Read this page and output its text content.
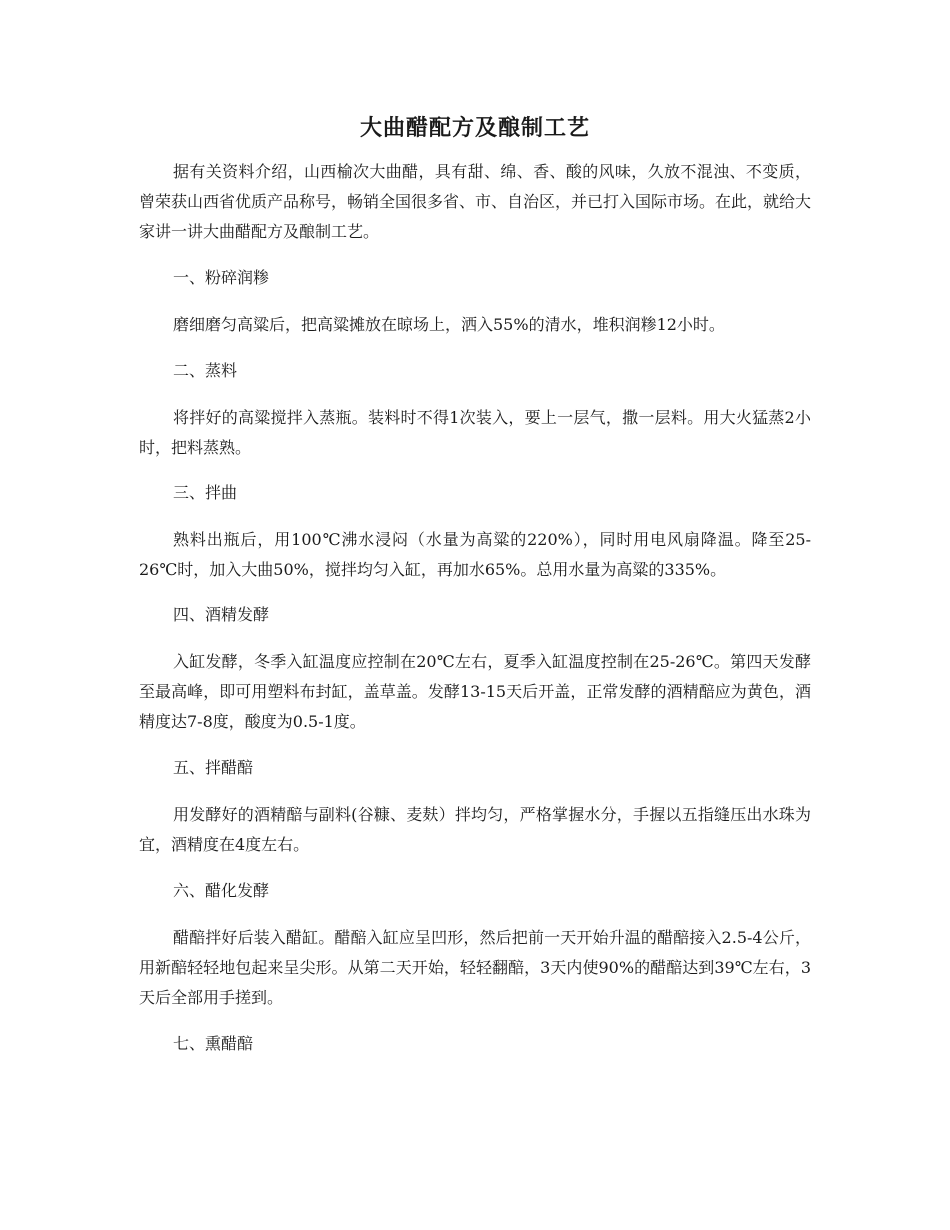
大曲醋配方及酿制工艺

据有关资料介绍，山西榆次大曲醋，具有甜、绵、香、酸的风味，久放不混浊、不变质，曾荣获山西省优质产品称号，畅销全国很多省、市、自治区，并已打入国际市场。在此，就给大家讲一讲大曲醋配方及酿制工艺。

一、粉碎润糁

磨细磨匀高粱后，把高粱摊放在晾场上，洒入55%的清水，堆积润糁12小时。

二、蒸料

将拌好的高粱搅拌入蒸瓶。装料时不得1次装入，要上一层气，撒一层料。用大火猛蒸2小时，把料蒸熟。

三、拌曲

熟料出瓶后，用100℃沸水浸闷（水量为高粱的220%），同时用电风扇降温。降至25-26℃时，加入大曲50%，搅拌均匀入缸，再加水65%。总用水量为高粱的335%。

四、酒精发酵

入缸发酵，冬季入缸温度应控制在20℃左右，夏季入缸温度控制在25-26℃。第四天发酵至最高峰，即可用塑料布封缸，盖草盖。发酵13-15天后开盖，正常发酵的酒精醅应为黄色，酒精度达7-8度，酸度为0.5-1度。

五、拌醋醅

用发酵好的酒精醅与副料(谷糠、麦麸）拌均匀，严格掌握水分，手握以五指缝压出水珠为宜，酒精度在4度左右。

六、醋化发酵

醋醅拌好后装入醋缸。醋醅入缸应呈凹形，然后把前一天开始升温的醋醅接入2.5-4公斤，用新醅轻轻地包起来呈尖形。从第二天开始，轻轻翻醅，3天内使90%的醋醅达到39℃左右，3天后全部用手搓到。

七、熏醋醅
